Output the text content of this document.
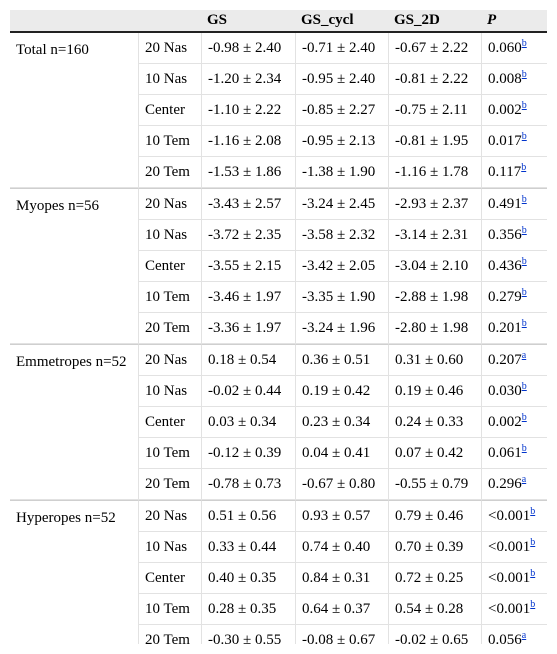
		GS	GS_cycl	GS_2D	P
Total n=160	20 Nas	-0.98 ± 2.40	-0.71 ± 2.40	-0.67 ± 2.22	0.060$^b$
	10 Nas	-1.20 ± 2.34	-0.95 ± 2.40	-0.81 ± 2.22	0.008$^b$
	Center	-1.10 ± 2.22	-0.85 ± 2.27	-0.75 ± 2.11	0.002$^b$
	10 Tem	-1.16 ± 2.08	-0.95 ± 2.13	-0.81 ± 1.95	0.017$^b$
	20 Tem	-1.53 ± 1.86	-1.38 ± 1.90	-1.16 ± 1.78	0.117$^b$
Myopes n=56	20 Nas	-3.43 ± 2.57	-3.24 ± 2.45	-2.93 ± 2.37	0.491$^b$
	10 Nas	-3.72 ± 2.35	-3.58 ± 2.32	-3.14 ± 2.31	0.356$^b$
	Center	-3.55 ± 2.15	-3.42 ± 2.05	-3.04 ± 2.10	0.436$^b$
	10 Tem	-3.46 ± 1.97	-3.35 ± 1.90	-2.88 ± 1.98	0.279$^b$
	20 Tem	-3.36 ± 1.97	-3.24 ± 1.96	-2.80 ± 1.98	0.201$^b$
Emmetropes n=52	20 Nas	0.18 ± 0.54	0.36 ± 0.51	0.31 ± 0.60	0.207$^a$
	10 Nas	-0.02 ± 0.44	0.19 ± 0.42	0.19 ± 0.46	0.030$^b$
	Center	0.03 ± 0.34	0.23 ± 0.34	0.24 ± 0.33	0.002$^b$
	10 Tem	-0.12 ± 0.39	0.04 ± 0.41	0.07 ± 0.42	0.061$^b$
	20 Tem	-0.78 ± 0.73	-0.67 ± 0.80	-0.55 ± 0.79	0.296$^a$
Hyperopes n=52	20 Nas	0.51 ± 0.56	0.93 ± 0.57	0.79 ± 0.46	<0.001$^b$
	10 Nas	0.33 ± 0.44	0.74 ± 0.40	0.70 ± 0.39	<0.001$^b$
	Center	0.40 ± 0.35	0.84 ± 0.31	0.72 ± 0.25	<0.001$^b$
	10 Tem	0.28 ± 0.35	0.64 ± 0.37	0.54 ± 0.28	<0.001$^b$
	20 Tem	-0.30 ± 0.55	-0.08 ± 0.67	-0.02 ± 0.65	0.056$^a$
